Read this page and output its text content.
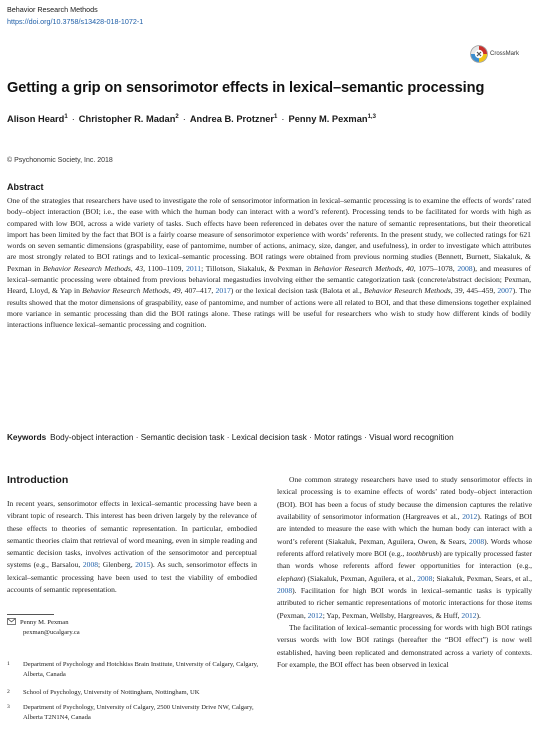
Behavior Research Methods
https://doi.org/10.3758/s13428-018-1072-1
CrossMark
Getting a grip on sensorimotor effects in lexical–semantic processing
Alison Heard$^1$ · Christopher R. Madan$^2$ · Andrea B. Protzner$^1$ · Penny M. Pexman$^{1,3}$
© Psychonomic Society, Inc. 2018
Abstract

One of the strategies that researchers have used to investigate the role of sensorimotor information in lexical–semantic processing is to examine the effects of words’ rated body–object interaction (BOI; i.e., the ease with which the human body can interact with a word’s referent). Processing tends to be facilitated for words with high as compared with low BOI, across a wide variety of tasks. Such effects have been referenced in debates over the nature of semantic representations, but their theoretical import has been limited by the fact that BOI is a fairly coarse measure of sensorimotor experience with words’ referents. In the present study, we collected ratings for 621 words on seven semantic dimensions (graspability, ease of pantomime, number of actions, animacy, size, danger, and usefulness), in order to investigate which attributes are most strongly related to BOI ratings and to lexical–semantic processing. BOI ratings were obtained from previous norming studies (Bennett, Burnett, Siakaluk, & Pexman in Behavior Research Methods, 43, 1100–1109, 2011; Tillotson, Siakaluk, & Pexman in Behavior Research Methods, 40, 1075–1078, 2008), and measures of lexical–semantic processing were obtained from previous behavioral megastudies involving either the semantic categorization task (concrete/abstract decision; Pexman, Heard, Lloyd, & Yap in Behavior Research Methods, 49, 407–417, 2017) or the lexical decision task (Balota et al., Behavior Research Methods, 39, 445–459, 2007). The results showed that the motor dimensions of graspability, ease of pantomime, and number of actions were all related to BOI, and that these dimensions together explained more variance in semantic processing than did the BOI ratings alone. These ratings will be useful for researchers who wish to study how different kinds of bodily interactions influence lexical–semantic processing and cognition.

Keywords Body-object interaction · Semantic decision task · Lexical decision task · Motor ratings · Visual word recognition
Introduction

In recent years, sensorimotor effects in lexical–semantic processing have been a vibrant topic of research. This interest has been driven largely by the relevance of these effects to theories of semantic representation. In particular, embodied semantic theories claim that retrieval of word meaning, even in simple reading and semantic decision tasks, involves activation of the sensorimotor and perceptual systems (e.g., Barsalou, 2008; Glenberg, 2015). As such, sensorimotor effects in lexical–semantic processing have been used to test the viability of embodied accounts of semantic representation.

Penny M. Pexman
pexman@ucalgary.ca
1	Department of Psychology and Hotchkiss Brain Institute, University of Calgary, Calgary, Alberta, Canada
2	School of Psychology, University of Nottingham, Nottingham, UK
3	Department of Psychology, University of Calgary, 2500 University Drive NW, Calgary, Alberta T2N1N4, Canada

One common strategy researchers have used to study sensorimotor effects in lexical processing is to examine effects of words’ rated body–object interaction (BOI). BOI has been a focus of study because the dimension captures the relative availability of sensorimotor information (Hargreaves et al., 2012). Ratings of BOI are intended to measure the ease with which the human body can interact with a word’s referent (Siakaluk, Pexman, Aguilera, Owen, & Sears, 2008). Words whose referents afford relatively more BOI (e.g., toothbrush) are typically processed faster than words whose referents afford fewer opportunities for interaction (e.g., elephant) (Siakaluk, Pexman, Aguilera, et al., 2008; Siakaluk, Pexman, Sears, et al., 2008). Facilitation for high BOI words in lexical–semantic tasks is typically attributed to richer semantic representations of motoric interactions for those items (Pexman, 2012; Yap, Pexman, Wellsby, Hargreaves, & Huff, 2012).
The facilitation of lexical–semantic processing for words with high BOI ratings versus words with low BOI ratings (hereafter the “BOI effect”) is now well established, having been replicated and demonstrated across a variety of contexts. For example, the BOI effect has been observed in lexical
